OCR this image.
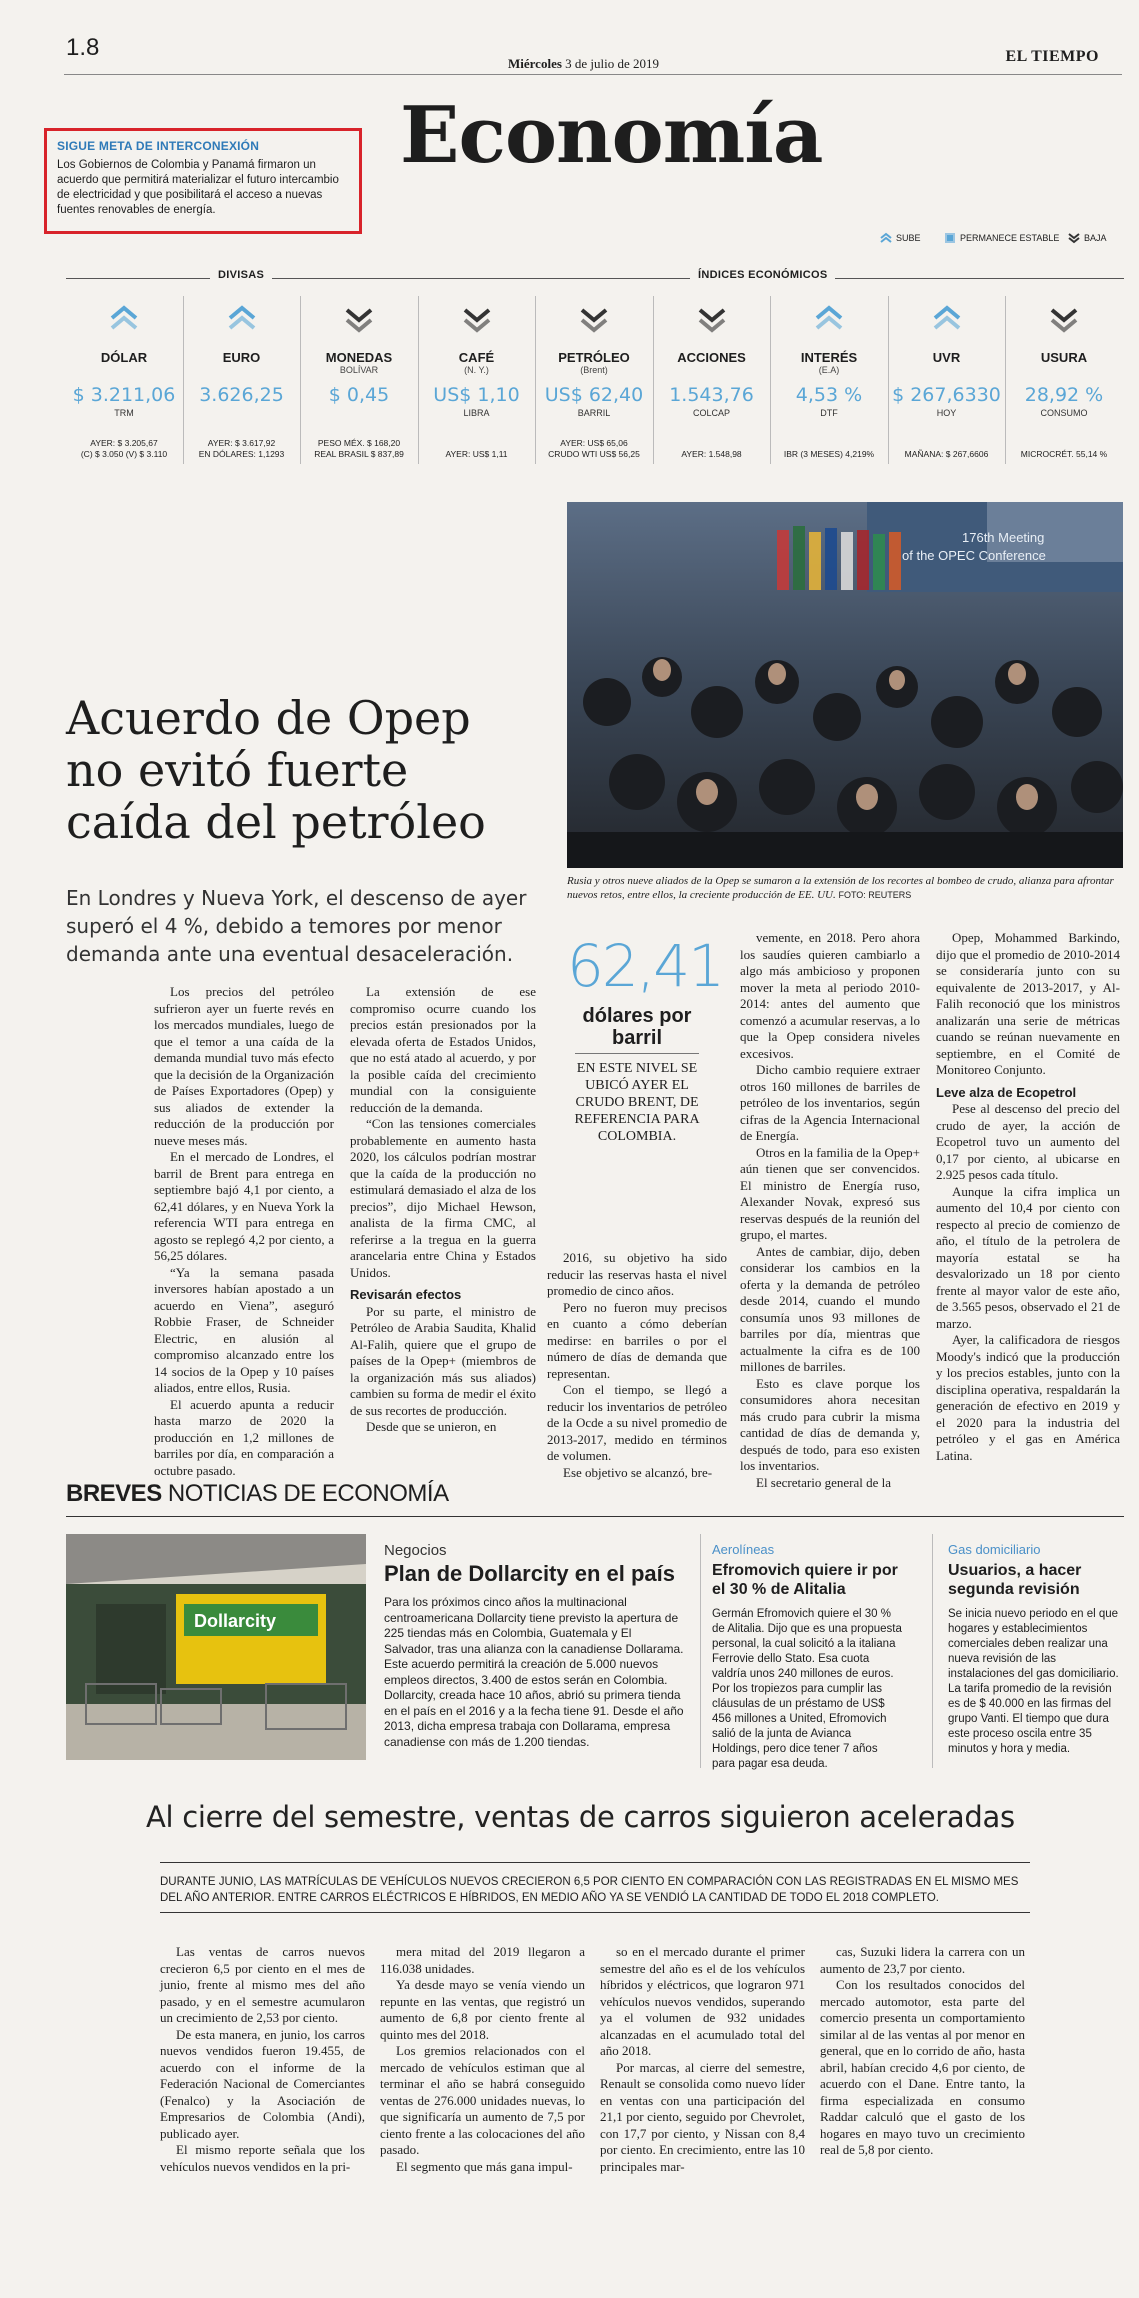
1.8
Miércoles 3 de julio de 2019	EL TIEMPO
Economía
SIGUE META DE INTERCONEXIÓN
Los Gobiernos de Colombia y Panamá firmaron un acuerdo que permitirá materializar el futuro intercambio de electricidad y que posibilitará el acceso a nuevas fuentes renovables de energía.
SUBE	PERMANECE ESTABLE	BAJA
DIVISAS	ÍNDICES ECONÓMICOS
DÓLAR
$ 3.211,06
TRM
AYER: $ 3.205,67
(C) $ 3.050 (V) $ 3.110
EURO
3.626,25
AYER: $ 3.617,92
EN DÓLARES: 1,1293
MONEDAS
BOLÍVAR
$ 0,45
PESO MÉX. $ 168,20
REAL BRASIL $ 837,89
CAFÉ
(N. Y.)
US$ 1,10
LIBRA
AYER: US$ 1,11
PETRÓLEO
(Brent)
US$ 62,40
BARRIL
AYER: US$ 65,06
CRUDO WTI US$ 56,25
ACCIONES
1.543,76
COLCAP
AYER: 1.548,98
INTERÉS
(E.A)
4,53 %
DTF
IBR (3 MESES) 4,219%
UVR
$ 267,6330
HOY
MAÑANA: $ 267,6606
USURA
28,92 %
CONSUMO
MICROCRÉT. 55,14 %
176th Meeting
of the OPEC Conference
Rusia y otros nueve aliados de la Opep se sumaron a la extensión de los recortes al bombeo de crudo, alianza para afrontar nuevos retos, entre ellos, la creciente producción de EE. UU. FOTO: REUTERS
Acuerdo de Opep no evitó fuerte caída del petróleo
En Londres y Nueva York, el descenso de ayer superó el 4 %, debido a temores por menor demanda ante una eventual desaceleración.

Los precios del petróleo sufrieron ayer un fuerte revés en los mercados mundiales, luego de que el temor a una caída de la demanda mundial tuvo más efecto que la decisión de la Organización de Países Exportadores (Opep) y sus aliados de extender la reducción de la producción por nueve meses más.

En el mercado de Londres, el barril de Brent para entrega en septiembre bajó 4,1 por ciento, a 62,41 dólares, y en Nueva York la referencia WTI para entrega en agosto se replegó 4,2 por ciento, a 56,25 dólares.

“Ya la semana pasada inversores habían apostado a un acuerdo en Viena”, aseguró Robbie Fraser, de Schneider Electric, en alusión al compromiso alcanzado entre los 14 socios de la Opep y 10 países aliados, entre ellos, Rusia.

El acuerdo apunta a reducir hasta marzo de 2020 la producción en 1,2 millones de barriles por día, en comparación a octubre pasado.

La extensión de ese compromiso ocurre cuando los precios están presionados por la elevada oferta de Estados Unidos, que no está atado al acuerdo, y por la posible caída del crecimiento mundial con la consiguiente reducción de la demanda.

“Con las tensiones comerciales probablemente en aumento hasta 2020, los cálculos podrían mostrar que la caída de la producción no estimulará demasiado el alza de los precios”, dijo Michael Hewson, analista de la firma CMC, al referirse a la tregua en la guerra arancelaria entre China y Estados Unidos.

Revisarán efectos

Por su parte, el ministro de Petróleo de Arabia Saudita, Khalid Al-Falih, quiere que el grupo de países de la Opep+ (miembros de la organización más sus aliados) cambien su forma de medir el éxito de sus recortes de producción.

Desde que se unieron, en

62,41
dólares por barril
EN ESTE NIVEL SE UBICÓ AYER EL CRUDO BRENT, DE REFERENCIA PARA COLOMBIA.

2016, su objetivo ha sido reducir las reservas hasta el nivel promedio de cinco años.

Pero no fueron muy precisos en cuanto a cómo deberían medirse: en barriles o por el número de días de demanda que representan.

Con el tiempo, se llegó a reducir los inventarios de petróleo de la Ocde a su nivel promedio de 2013-2017, medido en términos de volumen.

Ese objetivo se alcanzó, bre-

vemente, en 2018. Pero ahora los saudíes quieren cambiarlo a algo más ambicioso y proponen mover la meta al periodo 2010-2014: antes del aumento que comenzó a acumular reservas, a lo que la Opep considera niveles excesivos.

Dicho cambio requiere extraer otros 160 millones de barriles de petróleo de los inventarios, según cifras de la Agencia Internacional de Energía.

Otros en la familia de la Opep+ aún tienen que ser convencidos. El ministro de Energía ruso, Alexander Novak, expresó sus reservas después de la reunión del grupo, el martes.

Antes de cambiar, dijo, deben considerar los cambios en la oferta y la demanda de petróleo desde 2014, cuando el mundo consumía unos 93 millones de barriles por día, mientras que actualmente la cifra es de 100 millones de barriles.

Esto es clave porque los consumidores ahora necesitan más crudo para cubrir la misma cantidad de días de demanda y, después de todo, para eso existen los inventarios.

El secretario general de la

Opep, Mohammed Barkindo, dijo que el promedio de 2010-2014 se consideraría junto con su equivalente de 2013-2017, y Al-Falih reconoció que los ministros analizarán una serie de métricas cuando se reúnan nuevamente en septiembre, en el Comité de Monitoreo Conjunto.

Leve alza de Ecopetrol

Pese al descenso del precio del crudo de ayer, la acción de Ecopetrol tuvo un aumento del 0,17 por ciento, al ubicarse en 2.925 pesos cada título.

Aunque la cifra implica un aumento del 10,4 por ciento con respecto al precio de comienzo de año, el título de la petrolera de mayoría estatal se ha desvalorizado un 18 por ciento frente al mayor valor de este año, de 3.565 pesos, observado el 21 de marzo.

Ayer, la calificadora de riesgos Moody's indicó que la producción y los precios estables, junto con la disciplina operativa, respaldarán la generación de efectivo en 2019 y el 2020 para la industria del petróleo y el gas en América Latina.

BREVES NOTICIAS DE ECONOMÍA
Dollarcity
Negocios
Plan de Dollarcity en el país
Para los próximos cinco años la multinacional centroamericana Dollarcity tiene previsto la apertura de 225 tiendas más en Colombia, Guatemala y El Salvador, tras una alianza con la canadiense Dollarama. Este acuerdo permitirá la creación de 5.000 nuevos empleos directos, 3.400 de estos serán en Colombia. Dollarcity, creada hace 10 años, abrió su primera tienda en el país en el 2016 y a la fecha tiene 91. Desde el año 2013, dicha empresa trabaja con Dollarama, empresa canadiense con más de 1.200 tiendas.
Aerolíneas
Efromovich quiere ir por el 30 % de Alitalia
Germán Efromovich quiere el 30 % de Alitalia. Dijo que es una propuesta personal, la cual solicitó a la italiana Ferrovie dello Stato. Esa cuota valdría unos 240 millones de euros. Por los tropiezos para cumplir las cláusulas de un préstamo de US$ 456 millones a United, Efromovich salió de la junta de Avianca Holdings, pero dice tener 7 años para pagar esa deuda.
Gas domiciliario
Usuarios, a hacer segunda revisión
Se inicia nuevo periodo en el que hogares y establecimientos comerciales deben realizar una nueva revisión de las instalaciones del gas domiciliario. La tarifa promedio de la revisión es de $ 40.000 en las firmas del grupo Vanti. El tiempo que dura este proceso oscila entre 35 minutos y hora y media.
Al cierre del semestre, ventas de carros siguieron aceleradas
DURANTE JUNIO, LAS MATRÍCULAS DE VEHÍCULOS NUEVOS CRECIERON 6,5 POR CIENTO EN COMPARACIÓN CON LAS REGISTRADAS EN EL MISMO MES DEL AÑO ANTERIOR. ENTRE CARROS ELÉCTRICOS E HÍBRIDOS, EN MEDIO AÑO YA SE VENDIÓ LA CANTIDAD DE TODO EL 2018 COMPLETO.

Las ventas de carros nuevos crecieron 6,5 por ciento en el mes de junio, frente al mismo mes del año pasado, y en el semestre acumularon un crecimiento de 2,53 por ciento.

De esta manera, en junio, los carros nuevos vendidos fueron 19.455, de acuerdo con el informe de la Federación Nacional de Comerciantes (Fenalco) y la Asociación de Empresarios de Colombia (Andi), publicado ayer.

El mismo reporte señala que los vehículos nuevos vendidos en la pri-

mera mitad del 2019 llegaron a 116.038 unidades.

Ya desde mayo se venía viendo un repunte en las ventas, que registró un aumento de 6,8 por ciento frente al quinto mes del 2018.

Los gremios relacionados con el mercado de vehículos estiman que al terminar el año se habrá conseguido ventas de 276.000 unidades nuevas, lo que significaría un aumento de 7,5 por ciento frente a las colocaciones del año pasado.

El segmento que más gana impul-

so en el mercado durante el primer semestre del año es el de los vehículos híbridos y eléctricos, que lograron 971 vehículos nuevos vendidos, superando ya el volumen de 932 unidades alcanzadas en el acumulado total del año 2018.

Por marcas, al cierre del semestre, Renault se consolida como nuevo líder en ventas con una participación del 21,1 por ciento, seguido por Chevrolet, con 17,7 por ciento, y Nissan con 8,4 por ciento. En crecimiento, entre las 10 principales mar-

cas, Suzuki lidera la carrera con un aumento de 23,7 por ciento.

Con los resultados conocidos del mercado automotor, esta parte del comercio presenta un comportamiento similar al de las ventas al por menor en general, que en lo corrido de año, hasta abril, habían crecido 4,6 por ciento, de acuerdo con el Dane. Entre tanto, la firma especializada en consumo Raddar calculó que el gasto de los hogares en mayo tuvo un crecimiento real de 5,8 por ciento.
